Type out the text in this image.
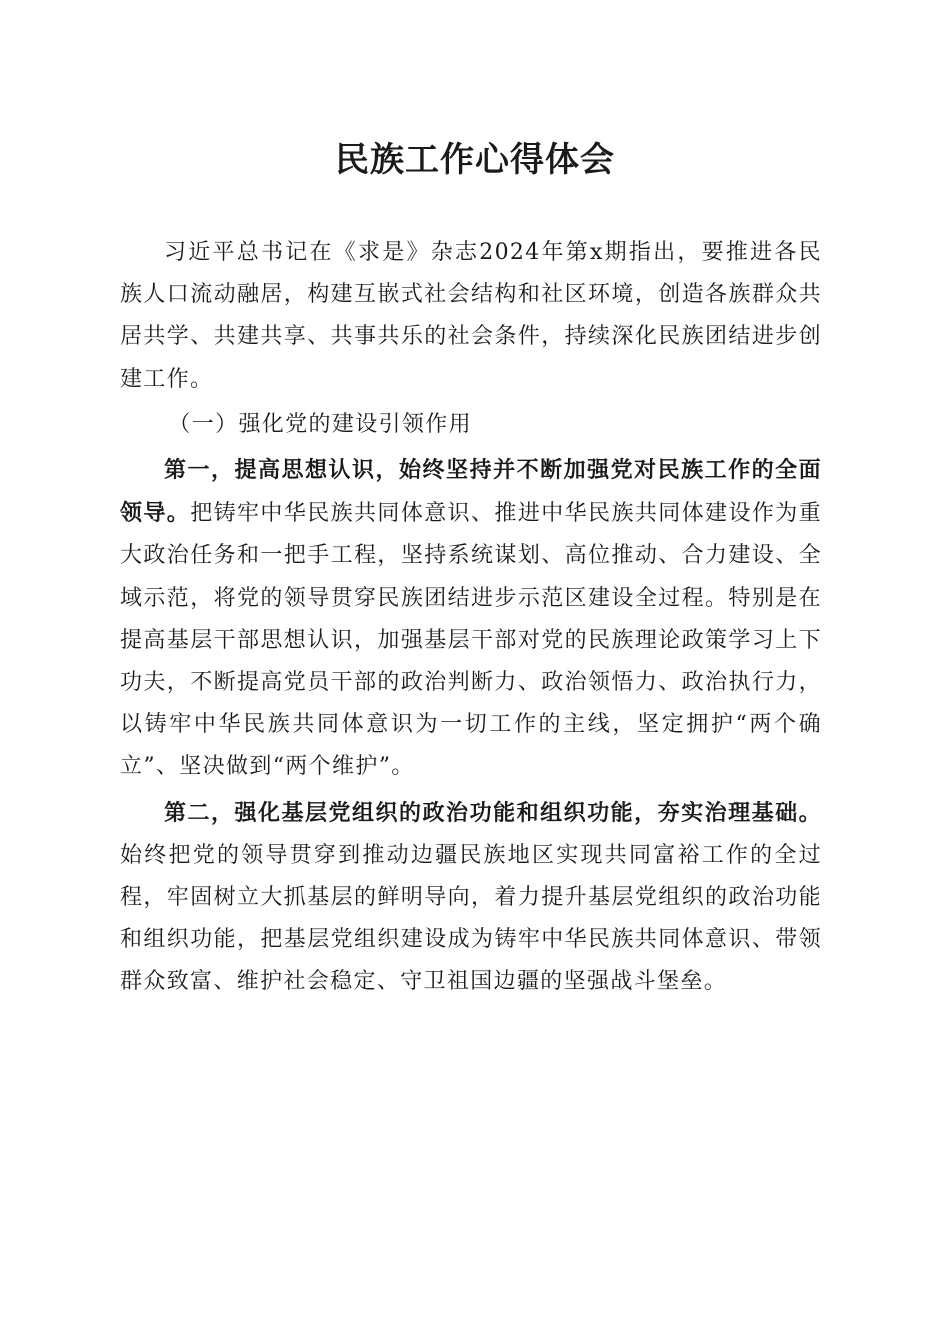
民族工作心得体会

习近平总书记在《求是》杂志2024年第x期指出，要推进各民族人口流动融居，构建互嵌式社会结构和社区环境，创造各族群众共居共学、共建共享、共事共乐的社会条件，持续深化民族团结进步创建工作。

（一）强化党的建设引领作用

第一，提高思想认识，始终坚持并不断加强党对民族工作的全面领导。把铸牢中华民族共同体意识、推进中华民族共同体建设作为重大政治任务和一把手工程，坚持系统谋划、高位推动、合力建设、全域示范，将党的领导贯穿民族团结进步示范区建设全过程。特别是在提高基层干部思想认识，加强基层干部对党的民族理论政策学习上下功夫，不断提高党员干部的政治判断力、政治领悟力、政治执行力，以铸牢中华民族共同体意识为一切工作的主线，坚定拥护“两个确立”、坚决做到“两个维护”。

第二，强化基层党组织的政治功能和组织功能，夯实治理基础。始终把党的领导贯穿到推动边疆民族地区实现共同富裕工作的全过程，牢固树立大抓基层的鲜明导向，着力提升基层党组织的政治功能和组织功能，把基层党组织建设成为铸牢中华民族共同体意识、带领群众致富、维护社会稳定、守卫祖国边疆的坚强战斗堡垒。
